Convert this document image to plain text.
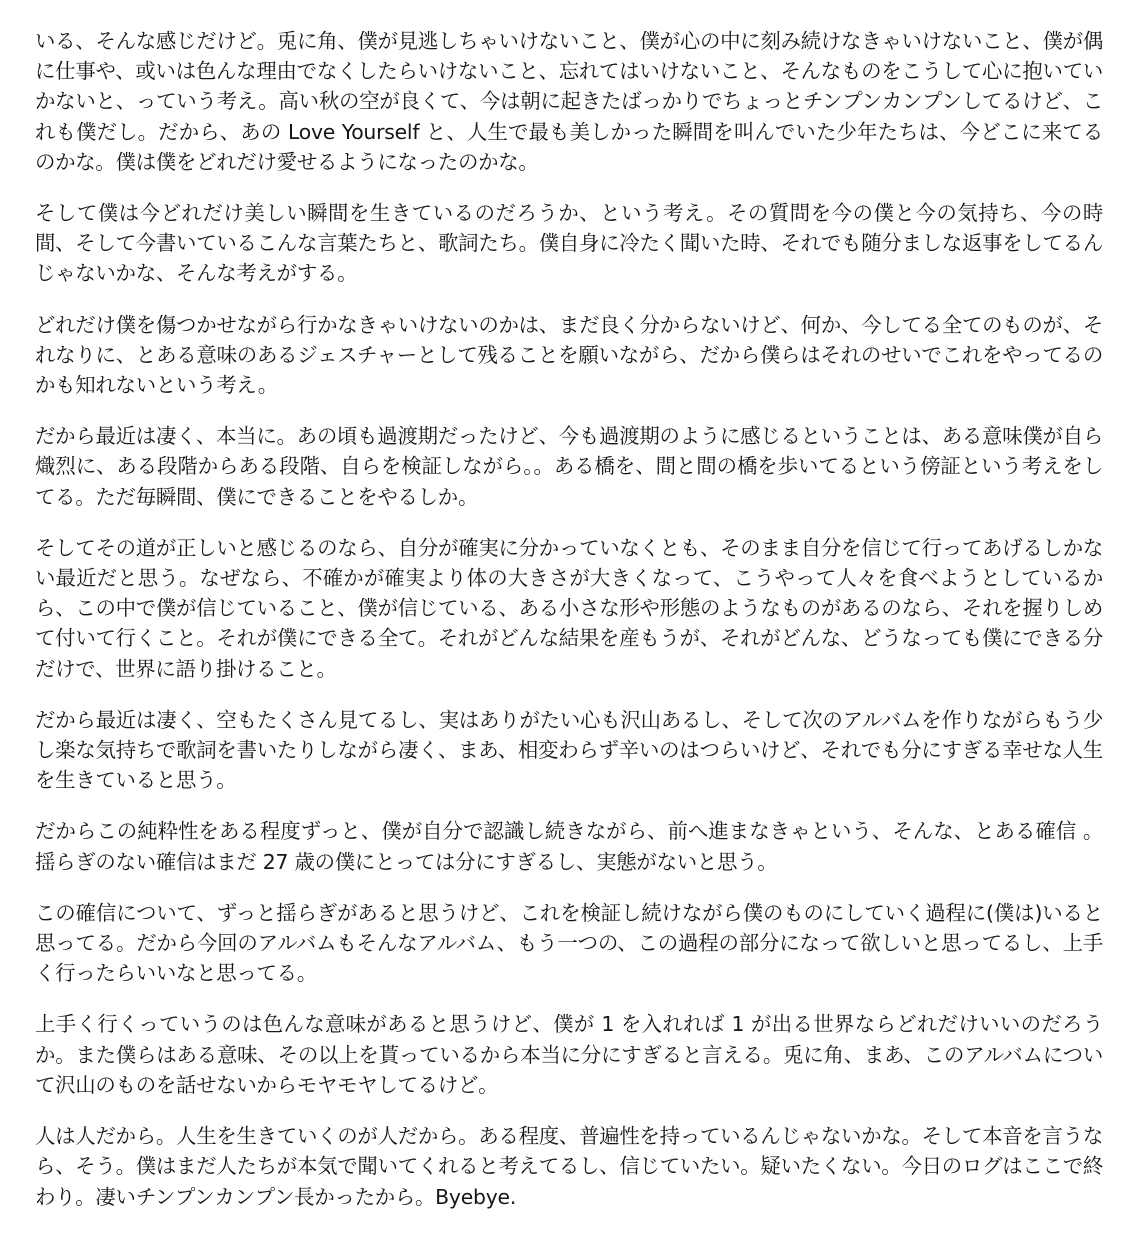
いる、そんな感じだけど。兎に角、僕が見逃しちゃいけないこと、僕が心の中に刻み続けなきゃいけないこと、僕が偶に仕事や、或いは色んな理由でなくしたらいけないこと、忘れてはいけないこと、そんなものをこうして心に抱いていかないと、っていう考え。高い秋の空が良くて、今は朝に起きたばっかりでちょっとチンプンカンプンしてるけど、これも僕だし。だから、あの Love Yourself と、人生で最も美しかった瞬間を叫んでいた少年たちは、今どこに来てるのかな。僕は僕をどれだけ愛せるようになったのかな。

そして僕は今どれだけ美しい瞬間を生きているのだろうか、という考え。その質問を今の僕と今の気持ち、今の時間、そして今書いているこんな言葉たちと、歌詞たち。僕自身に冷たく聞いた時、それでも随分ましな返事をしてるんじゃないかな、そんな考えがする。

どれだけ僕を傷つかせながら行かなきゃいけないのかは、まだ良く分からないけど、何か、今してる全てのものが、それなりに、とある意味のあるジェスチャーとして残ることを願いながら、だから僕らはそれのせいでこれをやってるのかも知れないという考え。

だから最近は凄く、本当に。あの頃も過渡期だったけど、今も過渡期のように感じるということは、ある意味僕が自ら熾烈に、ある段階からある段階、自らを検証しながら。。ある橋を、間と間の橋を歩いてるという傍証という考えをしてる。ただ毎瞬間、僕にできることをやるしか。

そしてその道が正しいと感じるのなら、自分が確実に分かっていなくとも、そのまま自分を信じて行ってあげるしかない最近だと思う。なぜなら、不確かが確実より体の大きさが大きくなって、こうやって人々を食べようとしているから、この中で僕が信じていること、僕が信じている、ある小さな形や形態のようなものがあるのなら、それを握りしめて付いて行くこと。それが僕にできる全て。それがどんな結果を産もうが、それがどんな、どうなっても僕にできる分だけで、世界に語り掛けること。

だから最近は凄く、空もたくさん見てるし、実はありがたい心も沢山あるし、そして次のアルバムを作りながらもう少し楽な気持ちで歌詞を書いたりしながら凄く、まあ、相変わらず辛いのはつらいけど、それでも分にすぎる幸せな人生を生きていると思う。

だからこの純粋性をある程度ずっと、僕が自分で認識し続きながら、前へ進まなきゃという、そんな、とある確信 。揺らぎのない確信はまだ 27 歳の僕にとっては分にすぎるし、実態がないと思う。

この確信について、ずっと揺らぎがあると思うけど、これを検証し続けながら僕のものにしていく過程に(僕は)いると思ってる。だから今回のアルバムもそんなアルバム、もう一つの、この過程の部分になって欲しいと思ってるし、上手く行ったらいいなと思ってる。

上手く行くっていうのは色んな意味があると思うけど、僕が 1 を入れれば 1 が出る世界ならどれだけいいのだろうか。また僕らはある意味、その以上を貰っているから本当に分にすぎると言える。兎に角、まあ、このアルバムについて沢山のものを話せないからモヤモヤしてるけど。

人は人だから。人生を生きていくのが人だから。ある程度、普遍性を持っているんじゃないかな。そして本音を言うなら、そう。僕はまだ人たちが本気で聞いてくれると考えてるし、信じていたい。疑いたくない。今日のログはここで終わり。凄いチンプンカンプン長かったから。Byebye.
